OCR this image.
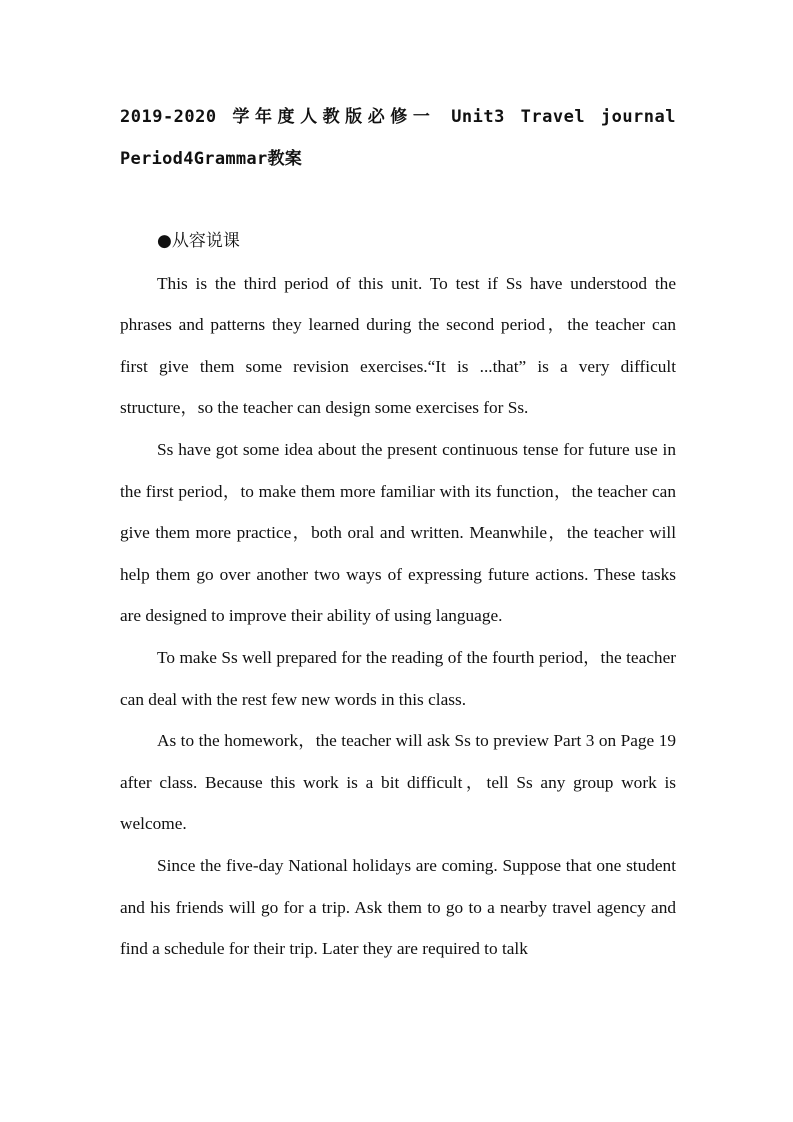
2019-2020 学年度人教版必修一 Unit3 Travel journal

Period4Grammar教案

●从容说课

This is the third period of this unit. To test if Ss have understood the phrases and patterns they learned during the second period，the teacher can first give them some revision exercises.“It is ...that” is a very difficult structure，so the teacher can design some exercises for Ss.

Ss have got some idea about the present continuous tense for future use in the first period，to make them more familiar with its function，the teacher can give them more practice，both oral and written. Meanwhile，the teacher will help them go over another two ways of expressing future actions. These tasks are designed to improve their ability of using language.

To make Ss well prepared for the reading of the fourth period，the teacher can deal with the rest few new words in this class.

As to the homework，the teacher will ask Ss to preview Part 3 on Page 19 after class. Because this work is a bit difficult，tell Ss any group work is welcome.

Since the five-day National holidays are coming. Suppose that one student and his friends will go for a trip. Ask them to go to a nearby travel agency and find a schedule for their trip. Later they are required to talk
